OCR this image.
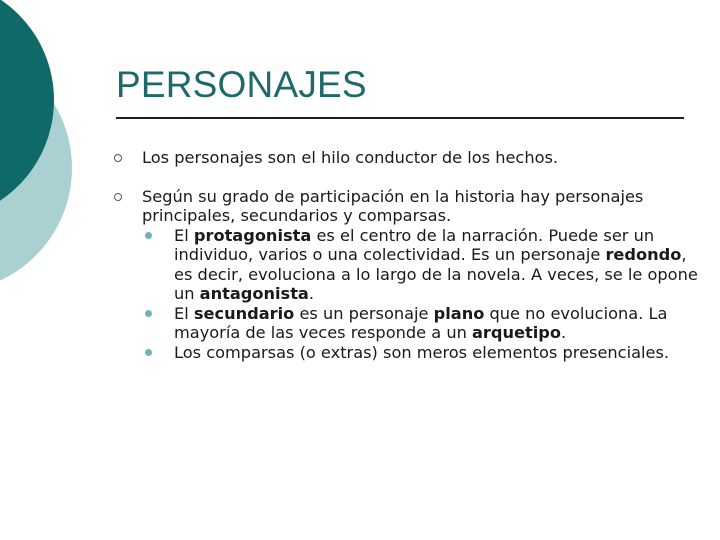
PERSONAJES
Los personajes son el hilo conductor de los hechos.
Según su grado de participación en la historia hay personajes principales, secundarios y comparsas.
El protagonista es el centro de la narración. Puede ser un individuo, varios o una colectividad. Es un personaje redondo, es decir, evoluciona a lo largo de la novela. A veces, se le opone un antagonista.
El secundario es un personaje plano que no evoluciona. La mayoría de las veces responde a un arquetipo.
Los comparsas (o extras) son meros elementos presenciales.
